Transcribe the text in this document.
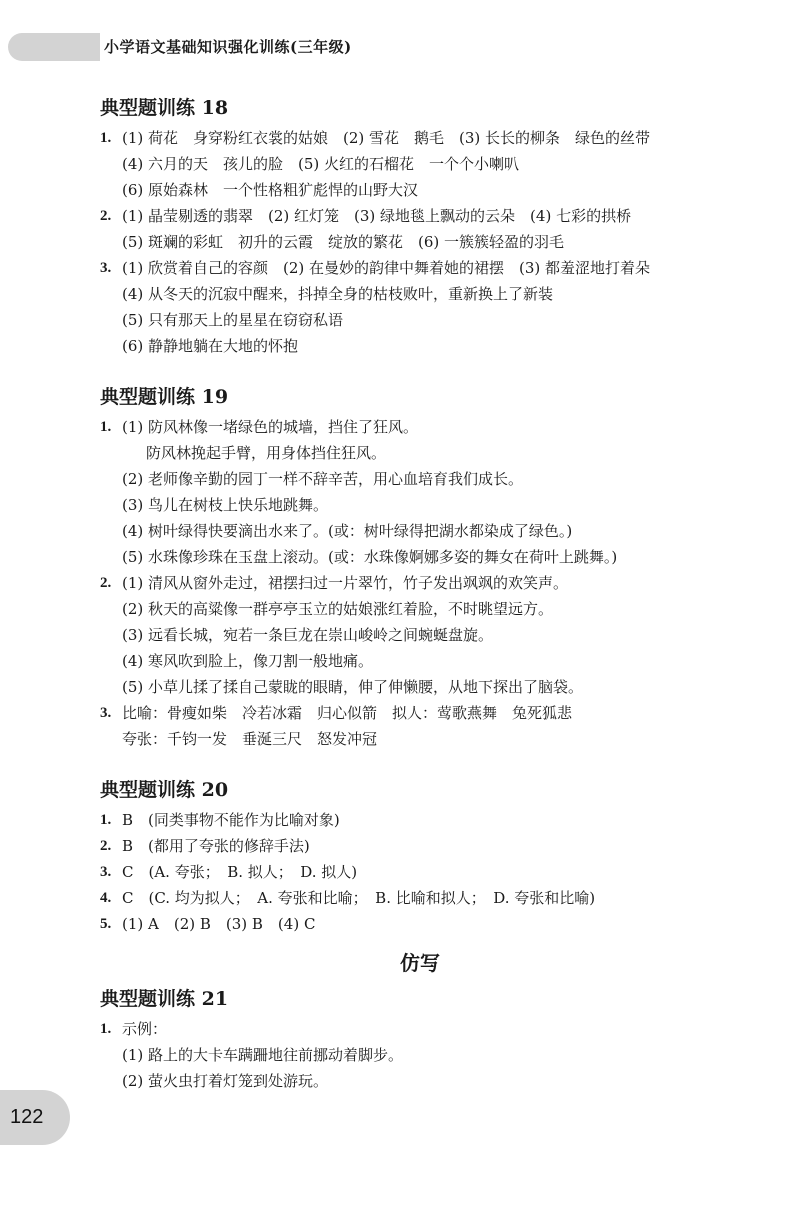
小学语文基础知识强化训练(三年级)
典型题训练 18
1. (1) 荷花　身穿粉红衣裳的姑娘　(2) 雪花　鹅毛　(3) 长长的柳条　绿色的丝带
(4) 六月的天　孩儿的脸　(5) 火红的石榴花　一个个小喇叭
(6) 原始森林　一个性格粗犷彪悍的山野大汉
2. (1) 晶莹剔透的翡翠　(2) 红灯笼　(3) 绿地毯上飘动的云朵　(4) 七彩的拱桥
(5) 斑斓的彩虹　初升的云霞　绽放的繁花　(6) 一簇簇轻盈的羽毛
3. (1) 欣赏着自己的容颜　(2) 在曼妙的韵律中舞着她的裙摆　(3) 都羞涩地打着朵
(4) 从冬天的沉寂中醒来，抖掉全身的枯枝败叶，重新换上了新装
(5) 只有那天上的星星在窃窃私语
(6) 静静地躺在大地的怀抱
典型题训练 19
1. (1) 防风林像一堵绿色的城墙，挡住了狂风。
防风林挽起手臂，用身体挡住狂风。
(2) 老师像辛勤的园丁一样不辞辛苦，用心血培育我们成长。
(3) 鸟儿在树枝上快乐地跳舞。
(4) 树叶绿得快要滴出水来了。(或：树叶绿得把湖水都染成了绿色。)
(5) 水珠像珍珠在玉盘上滚动。(或：水珠像婀娜多姿的舞女在荷叶上跳舞。)
2. (1) 清风从窗外走过，裙摆扫过一片翠竹，竹子发出飒飒的欢笑声。
(2) 秋天的高粱像一群亭亭玉立的姑娘涨红着脸，不时眺望远方。
(3) 远看长城，宛若一条巨龙在崇山峻岭之间蜿蜒盘旋。
(4) 寒风吹到脸上，像刀割一般地痛。
(5) 小草儿揉了揉自己蒙眬的眼睛，伸了伸懒腰，从地下探出了脑袋。
3. 比喻：骨瘦如柴　冷若冰霜　归心似箭　拟人：莺歌燕舞　兔死狐悲
夸张：千钧一发　垂涎三尺　怒发冲冠
典型题训练 20
1. B　(同类事物不能作为比喻对象)
2. B　(都用了夸张的修辞手法)
3. C　(A. 夸张；　B. 拟人；　D. 拟人)
4. C　(C. 均为拟人；　A. 夸张和比喻；　B. 比喻和拟人；　D. 夸张和比喻)
5. (1) A　(2) B　(3) B　(4) C
仿写
典型题训练 21
1. 示例：
(1) 路上的大卡车蹒跚地往前挪动着脚步。
(2) 萤火虫打着灯笼到处游玩。
122
